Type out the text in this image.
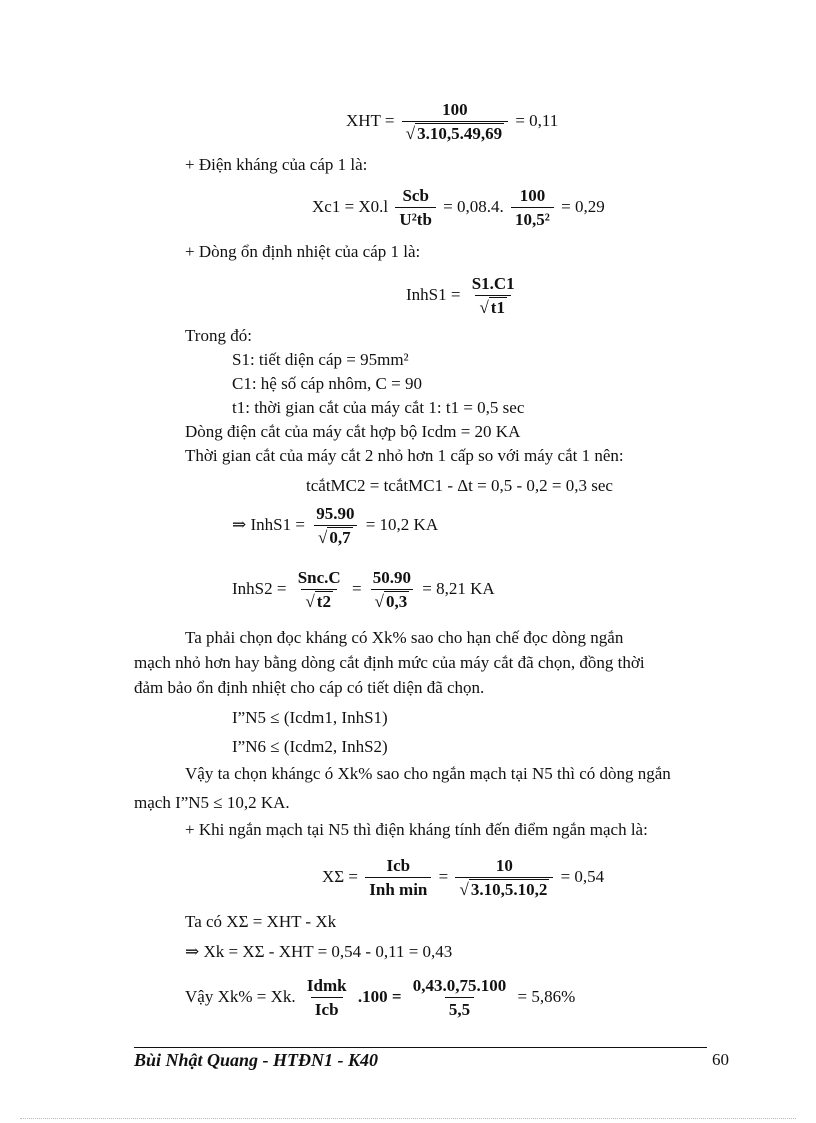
XHT = $\frac{100}{√ 3.10,5.49,69} = 0,11$
+ Điện kháng của cáp 1 là:
$Xc1 = X0.l \frac{\text{Scb}}{\text{U²tb}} = 0,08.4$. $\frac{100}{\text{10,5²}} = 0,29$
+ Dòng ổn định nhiệt của cáp 1 là:
InhS1 = $\frac{S1.C1}{√ t1}$
Trong đó:
S1: tiết diện cáp = 95mm²
C1: hệ số cáp nhôm, C = 90
t1: thời gian cắt của máy cắt 1: t1 = 0,5 sec
Dòng điện cắt của máy cắt hợp bộ Icdm = 20 KA
Thời gian cắt của máy cắt 2 nhỏ hơn 1 cấp so với máy cắt 1 nên:
tcắtMC2 = tcắtMC1 - Δt = 0,5 - 0,2 = 0,3 sec
⇒ InhS1 = $\frac{95.90}{√ 0,7} = 10,2$ KA
InhS2 = $\frac{\text{Snc.C}}{√ t2} = \frac{50.90}{√ 0,3} = 8,21$ KA
Ta phải chọn đọc kháng có Xk% sao cho hạn chế đọc dòng ngắn
mạch nhỏ hơn hay bằng dòng cắt định mức của máy cắt đã chọn, đồng thời
đảm bảo ổn định nhiệt cho cáp có tiết diện đã chọn.
I”N5 ≤ (Icdm1, InhS1)
I”N6 ≤ (Icdm2, InhS2)
Vậy ta chọn khángc ó Xk% sao cho ngắn mạch tại N5 thì có dòng ngắn
mạch I”N5 ≤ 10,2 KA.
+ Khi ngắn mạch tại N5 thì điện kháng tính đến điểm ngắn mạch là:
$X\Sigma = \frac{\text{Icb}}{\text{Inh min}} = \frac{10}{√ 3.10,5.10,2} = 0,54$
Ta có XΣ = XHT - Xk
⇒ Xk = XΣ - XHT = 0,54 - 0,11 = 0,43
Vậy Xk% = Xk. $\frac{\text{Idmk}}{\text{Icb}} .100 = \frac{0,43.0,75.100}{5,5} = 5,86\%$
Bùi Nhật Quang - HTĐN1 - K40	60
